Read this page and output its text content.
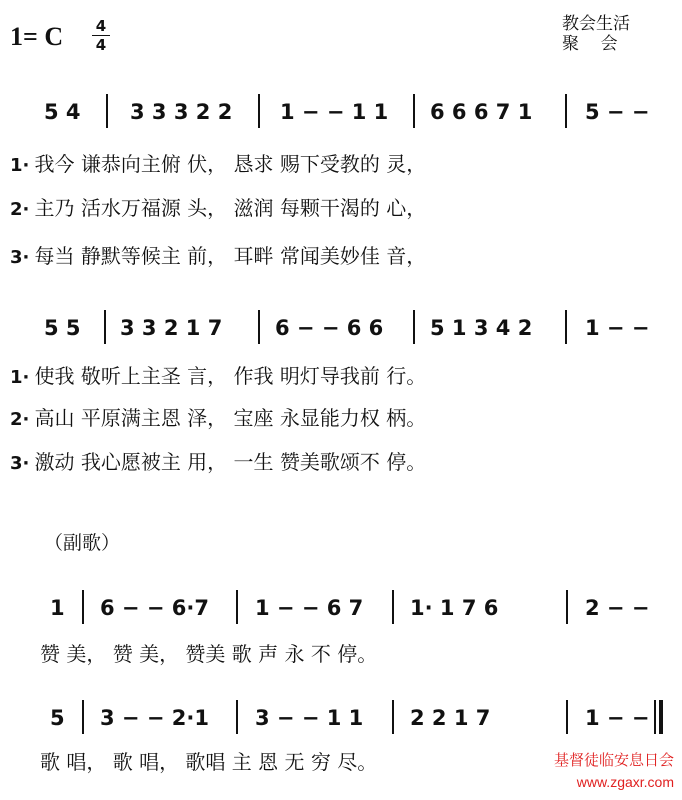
1= C 4
4
教会生活
聚    会
5 4 3 3 3 2 2 1 − − 1 1 6 6 6 7 1	5 − −
1· 我今 谦恭向主俯 伏， 恳求 赐下受教的 灵，
2· 主乃 活水万福源 头， 滋润 每颗干渴的 心，
3· 每当 静默等候主 前， 耳畔 常闻美妙佳 音，
5 5 3 3 2 1 7	6 − − 6 6 5 1 3 4 2	1 − −
1· 使我 敬听上主圣 言， 作我 明灯导我前 行。
2· 高山 平原满主恩 泽， 宝座 永显能力权 柄。
3· 激动 我心愿被主 用， 一生 赞美歌颂不 停。
（副歌）
1 6 − − 6·7 1 − − 6 7 1· 1 7 6	2 − −
赞 美， 赞 美， 赞美 歌 声 永 不 停。
5 3 − − 2·1 3 − − 1 1 2 2 1 7	1 − −
歌 唱， 歌 唱， 歌唱 主 恩 无 穷 尽。	基督徒临安息日会
www.zgaxr.com
